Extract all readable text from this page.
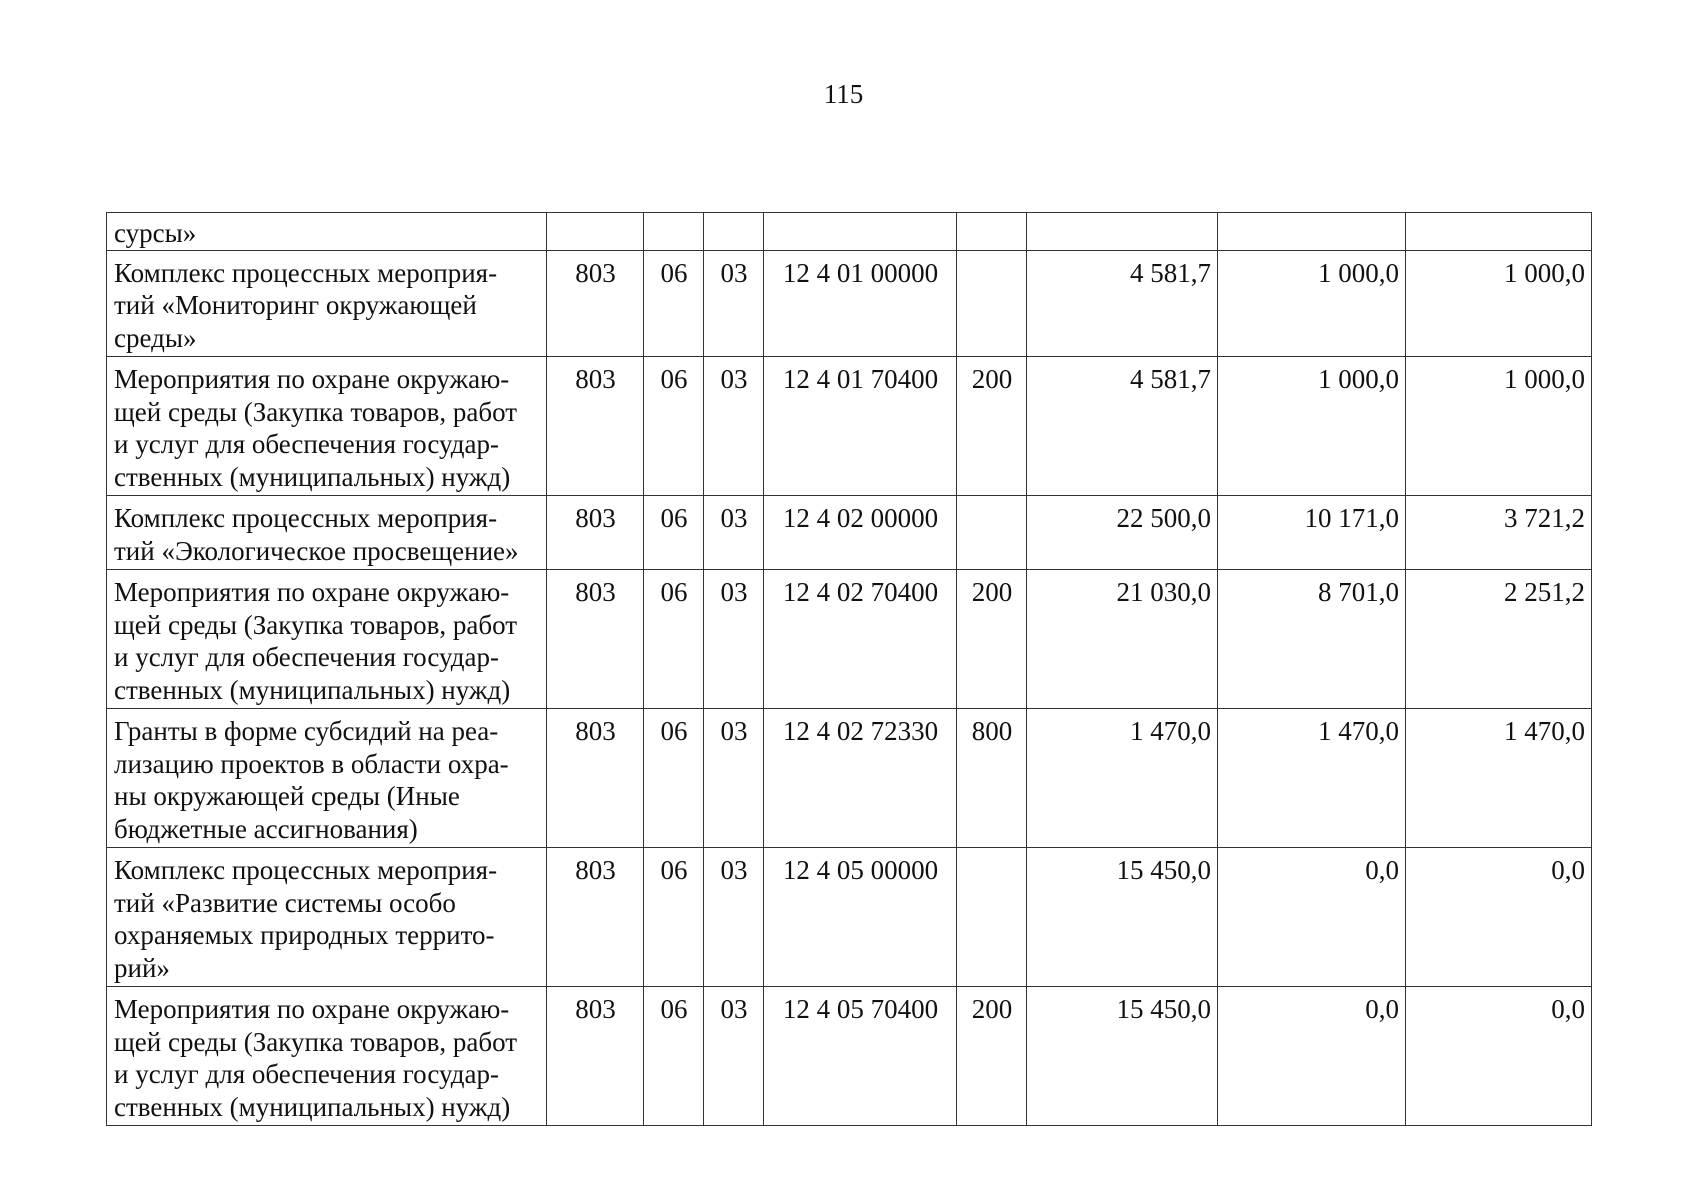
115
сурсы»								

Комплекс процессных мероприя-
тий «Мониторинг окружающей
среды»	803	06	03	12 4 01 00000		4 581,7	1 000,0	1 000,0

Мероприятия по охране окружаю-
щей среды (Закупка товаров, работ
и услуг для обеспечения государ-
ственных (муниципальных) нужд)	803	06	03	12 4 01 70400	200	4 581,7	1 000,0	1 000,0

Комплекс процессных мероприя-
тий «Экологическое просвещение»	803	06	03	12 4 02 00000		22 500,0	10 171,0	3 721,2

Мероприятия по охране окружаю-
щей среды (Закупка товаров, работ
и услуг для обеспечения государ-
ственных (муниципальных) нужд)	803	06	03	12 4 02 70400	200	21 030,0	8 701,0	2 251,2

Гранты в форме субсидий на реа-
лизацию проектов в области охра-
ны окружающей среды (Иные
бюджетные ассигнования)	803	06	03	12 4 02 72330	800	1 470,0	1 470,0	1 470,0

Комплекс процессных мероприя-
тий «Развитие системы особо
охраняемых природных террито-
рий»	803	06	03	12 4 05 00000		15 450,0	0,0	0,0

Мероприятия по охране окружаю-
щей среды (Закупка товаров, работ
и услуг для обеспечения государ-
ственных (муниципальных) нужд)	803	06	03	12 4 05 70400	200	15 450,0	0,0	0,0
